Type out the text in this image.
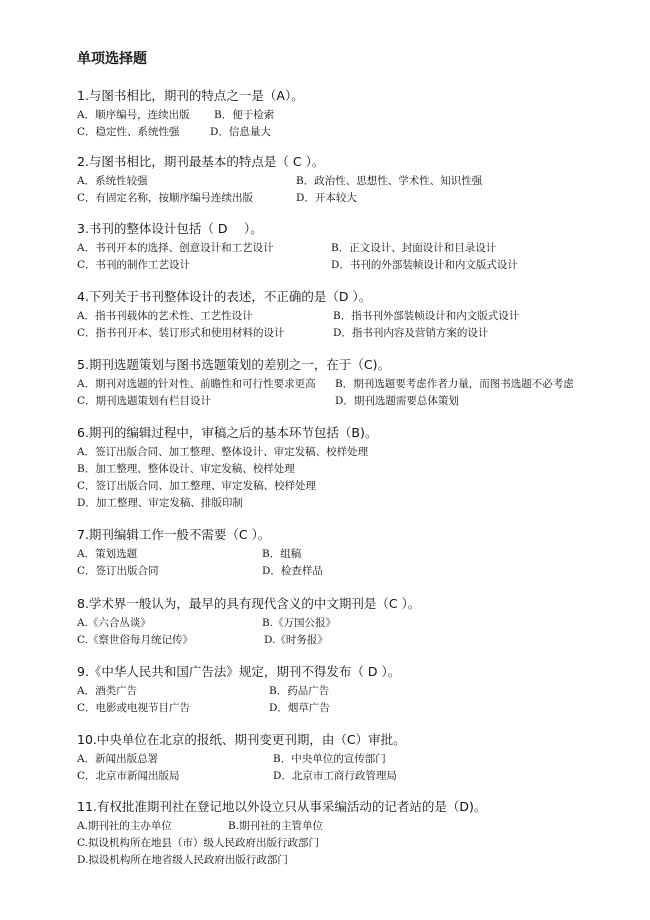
单项选择题
1.与图书相比，期刊的特点之一是（A）。
A．顺序编号，连续出版 B．便于检索
C．稳定性、系统性强	D．信息量大
2.与图书相比，期刊最基本的特点是（ C ）。
A．系统性较强	B．政治性、思想性、学术性、知识性强
C．有固定名称，按顺序编号连续出版	D．开本较大
3.书刊的整体设计包括（ D　 ）。
A．书刊开本的选择、创意设计和工艺设计	B．正文设计、封面设计和目录设计
C．书刊的制作工艺设计	D．书刊的外部装帧设计和内文版式设计
4.下列关于书刊整体设计的表述，不正确的是（D ）。
A．指书刊载体的艺术性、工艺性设计	B．指书刊外部装帧设计和内文版式设计
C．指书刊开本、装订形式和使用材料的设计	D．指书刊内容及营销方案的设计
5.期刊选题策划与图书选题策划的差别之一，在于（C)。
A．期刊对选题的针对性、前瞻性和可行性要求更高 B．期刊选题要考虑作者力量，而图书选题不必考虑
C．期刊选题策划有栏目设计	D．期刊选题需要总体策划
6.期刊的编辑过程中，审稿之后的基本环节包括（B)。
A．签订出版合同、加工整理、整体设计、审定发稿、校样处理
B．加工整理、整体设计、审定发稿、校样处理
C．签订出版合同、加工整理、审定发稿、校样处理
D．加工整理、审定发稿、排版印制
7.期刊编辑工作一般不需要（C ）。
A．策划选题	B．组稿
C．签订出版合同	D．检查样品
8.学术界一般认为，最早的具有现代含义的中文期刊是（C ）。
A.《六合丛谈》	B.《万国公报》
C.《察世俗每月统记传》	D.《时务报》
9.《中华人民共和国广告法》规定，期刊不得发布（ D ）。
A．酒类广告	B．药品广告
C．电影或电视节目广告	D．烟草广告
10.中央单位在北京的报纸、期刊变更刊期，由（C）审批。
A．新闻出版总署	B．中央单位的宣传部门
C．北京市新闻出版局	D．北京市工商行政管理局
11.有权批准期刊社在登记地以外设立只从事采编活动的记者站的是（D)。
A.期刊社的主办单位	B.期刊社的主管单位
C.拟设机构所在地县（市）级人民政府出版行政部门
D.拟设机构所在地省级人民政府出版行政部门
